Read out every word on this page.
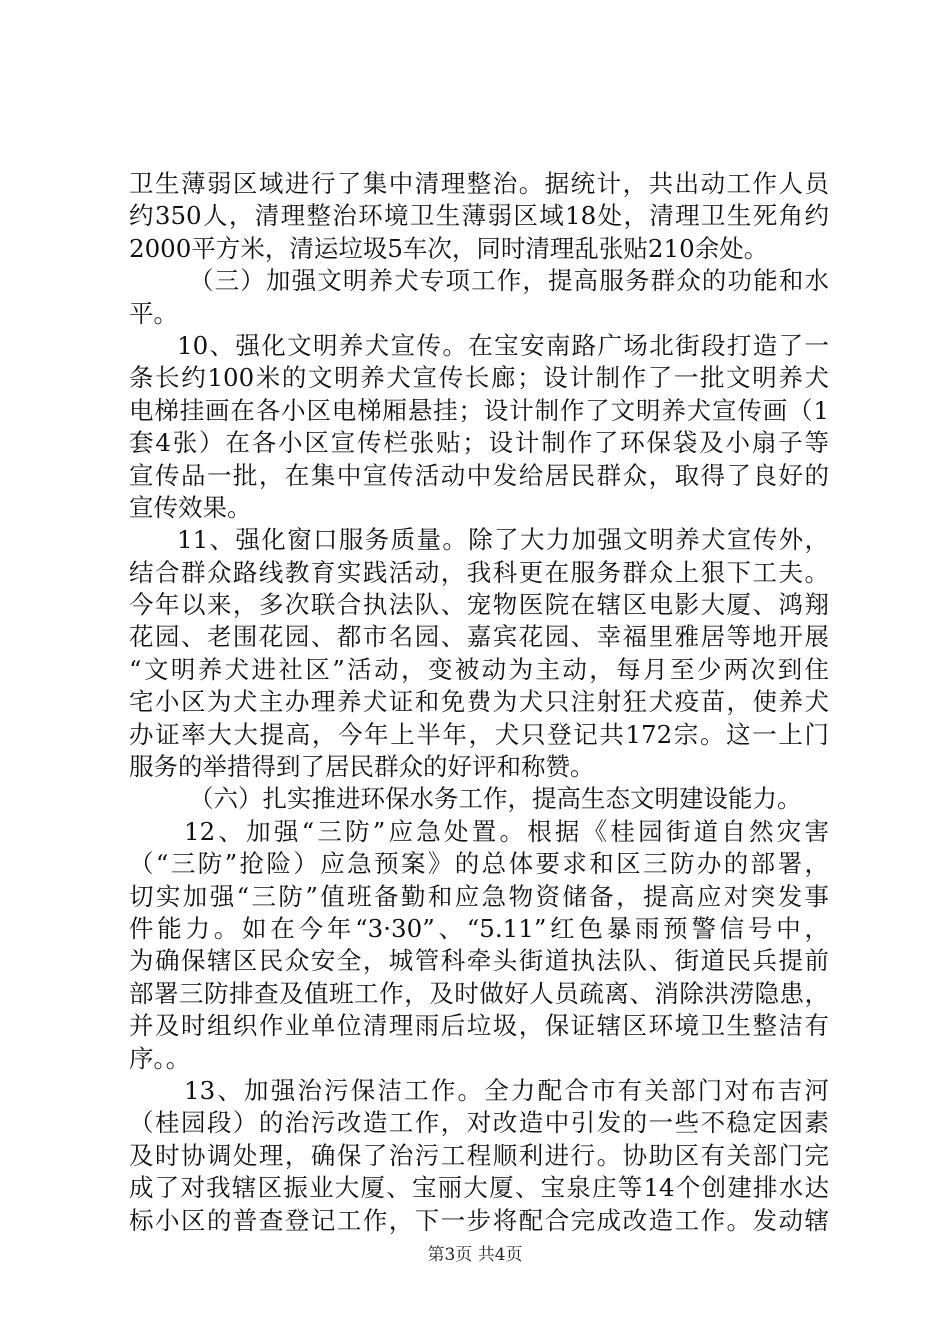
卫生薄弱区域进行了集中清理整治。据统计，共出动工作人员
约350人，清理整治环境卫生薄弱区域18处，清理卫生死角约
2000平方米，清运垃圾5车次，同时清理乱张贴210余处。
（三）加强文明养犬专项工作，提高服务群众的功能和水
平。
10、强化文明养犬宣传。在宝安南路广场北街段打造了一
条长约100米的文明养犬宣传长廊；设计制作了一批文明养犬
电梯挂画在各小区电梯厢悬挂；设计制作了文明养犬宣传画（1
套4张）在各小区宣传栏张贴；设计制作了环保袋及小扇子等
宣传品一批，在集中宣传活动中发给居民群众，取得了良好的
宣传效果。
11、强化窗口服务质量。除了大力加强文明养犬宣传外，
结合群众路线教育实践活动，我科更在服务群众上狠下工夫。
今年以来，多次联合执法队、宠物医院在辖区电影大厦、鸿翔
花园、老围花园、都市名园、嘉宾花园、幸福里雅居等地开展
“文明养犬进社区”活动，变被动为主动，每月至少两次到住
宅小区为犬主办理养犬证和免费为犬只注射狂犬疫苗，使养犬
办证率大大提高，今年上半年，犬只登记共172宗。这一上门
服务的举措得到了居民群众的好评和称赞。
（六）扎实推进环保水务工作，提高生态文明建设能力。
12、加强“三防”应急处置。根据《桂园街道自然灾害
（“三防”抢险）应急预案》的总体要求和区三防办的部署，
切实加强“三防”值班备勤和应急物资储备，提高应对突发事
件能力。如在今年“3·30”、“5.11”红色暴雨预警信号中，
为确保辖区民众安全，城管科牵头街道执法队、街道民兵提前
部署三防排查及值班工作，及时做好人员疏离、消除洪涝隐患，
并及时组织作业单位清理雨后垃圾，保证辖区环境卫生整洁有
序。。
13、加强治污保洁工作。全力配合市有关部门对布吉河
（桂园段）的治污改造工作，对改造中引发的一些不稳定因素
及时协调处理，确保了治污工程顺利进行。协助区有关部门完
成了对我辖区振业大厦、宝丽大厦、宝泉庄等14个创建排水达
标小区的普查登记工作，下一步将配合完成改造工作。发动辖
第3页 共4页
